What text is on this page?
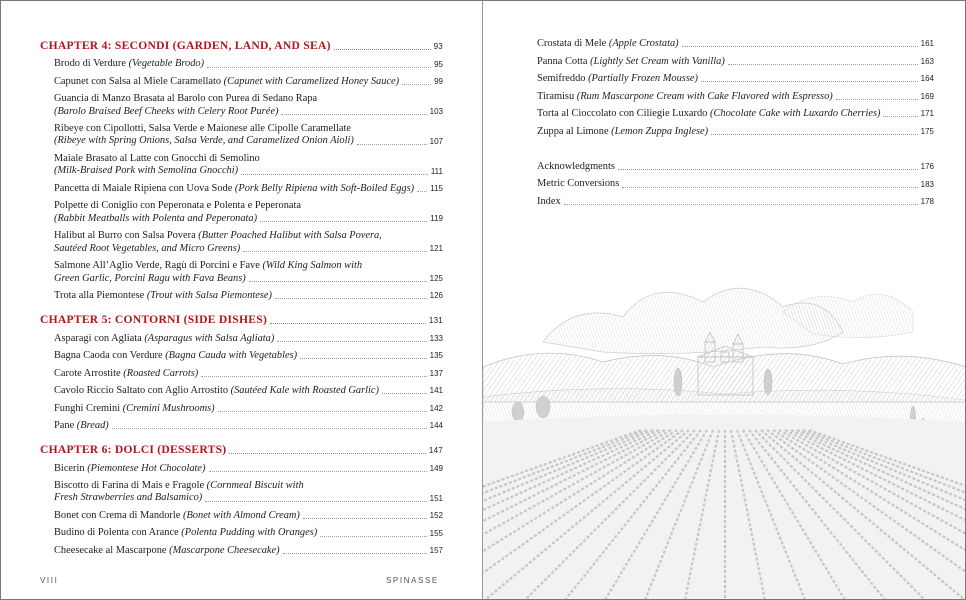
CHAPTER 4: SECONDI (GARDEN, LAND, AND SEA)	93
Brodo di Verdure (Vegetable Brodo)	95
Capunet con Salsa al Miele Caramellato (Capunet with Caramelized Honey Sauce)	99
Guancia di Manzo Brasata al Barolo con Purea di Sedano Rapa
(Barolo Braised Beef Cheeks with Celery Root Purée)	103
Ribeye con Cipollotti, Salsa Verde e Maionese alle Cipolle Caramellate
(Ribeye with Spring Onions, Salsa Verde, and Caramelized Onion Aioli)	107
Maiale Brasato al Latte con Gnocchi di Semolino
(Milk-Braised Pork with Semolina Gnocchi)	111
Pancetta di Maiale Ripiena con Uova Sode (Pork Belly Ripiena with Soft-Boiled Eggs) 115
Polpette di Coniglio con Peperonata e Polenta e Peperonata
(Rabbit Meatballs with Polenta and Peperonata)	119
Halibut al Burro con Salsa Povera (Butter Poached Halibut with Salsa Povera,
Sautéed Root Vegetables, and Micro Greens)	121
Salmone All’Aglio Verde, Ragù di Porcini e Fave (Wild King Salmon with
Green Garlic, Porcini Ragu with Fava Beans)	125
Trota alla Piemontese (Trout with Salsa Piemontese)	126
CHAPTER 5: CONTORNI (SIDE DISHES)	131
Asparagi con Agliata (Asparagus with Salsa Agliata)	133
Bagna Caoda con Verdure (Bagna Cauda with Vegetables)	135
Carote Arrostite (Roasted Carrots)	137
Cavolo Riccio Saltato con Aglio Arrostito (Sautéed Kale with Roasted Garlic)	141
Funghi Cremini (Cremini Mushrooms)	142
Pane (Bread)	144
CHAPTER 6: DOLCI (DESSERTS)	147
Bicerin (Piemontese Hot Chocolate)	149
Biscotto di Farina di Mais e Fragole (Cornmeal Biscuit with
Fresh Strawberries and Balsamico)	151
Bonet con Crema di Mandorle (Bonet with Almond Cream)	152
Budino di Polenta con Arance (Polenta Pudding with Oranges)	155
Cheesecake al Mascarpone (Mascarpone Cheesecake)	157
VIII	SPINASSE
Crostata di Mele (Apple Crostata)	161
Panna Cotta (Lightly Set Cream with Vanilla)	163
Semifreddo (Partially Frozen Mousse)	164
Tiramisu (Rum Mascarpone Cream with Cake Flavored with Espresso)	169
Torta al Cioccolato con Ciliegie Luxardo (Chocolate Cake with Luxardo Cherries)	171
Zuppa al Limone (Lemon Zuppa Inglese)	175
Acknowledgments	176
Metric Conversions	183
Index	178
